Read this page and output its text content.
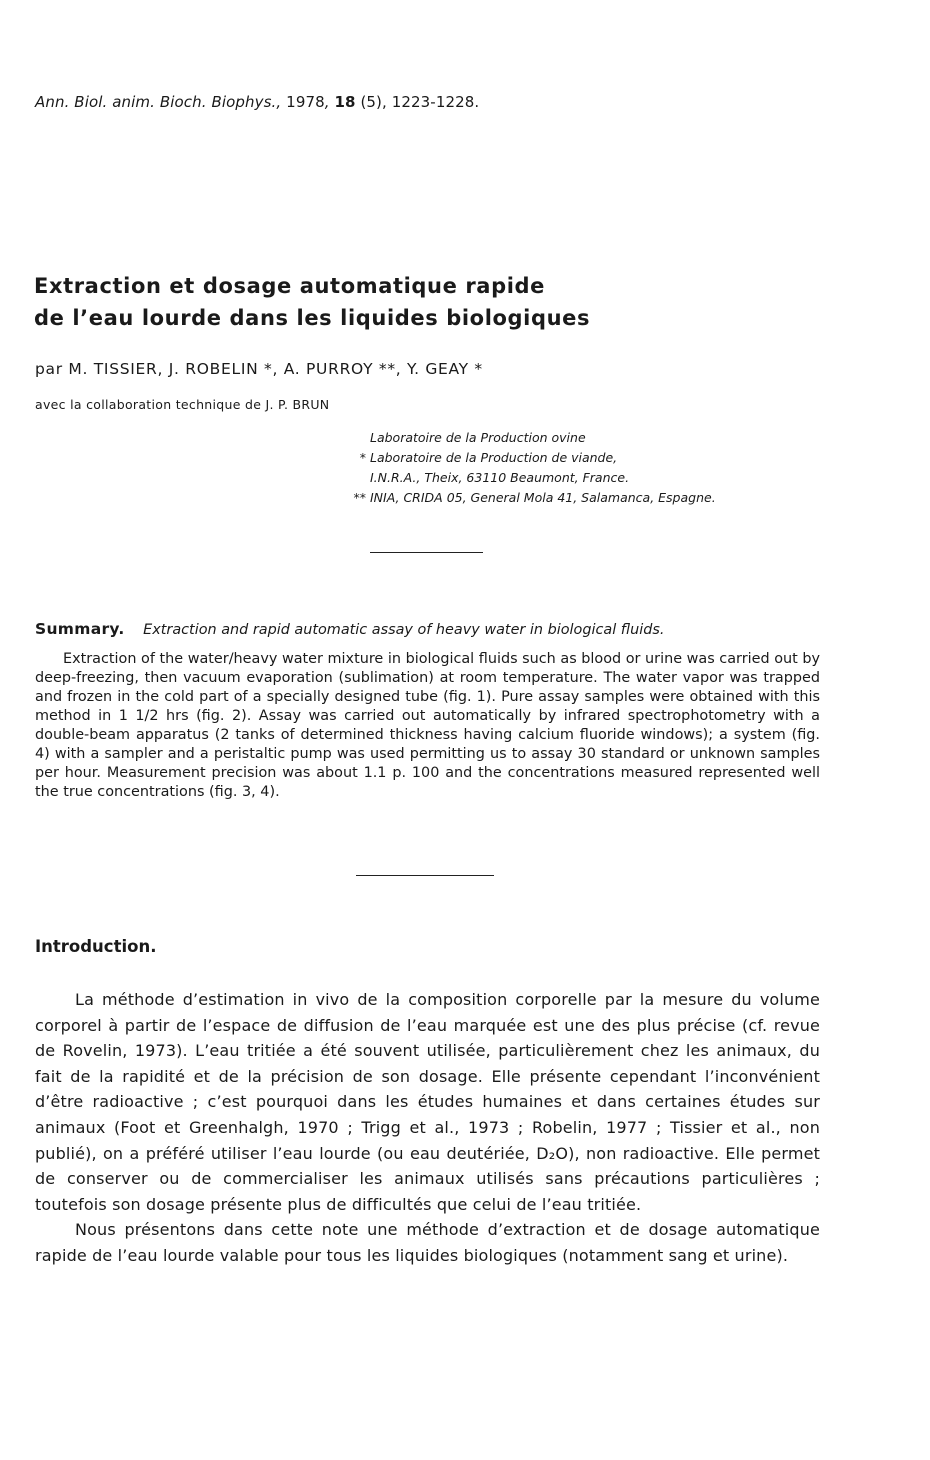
Ann. Biol. anim. Bioch. Biophys., 1978, 18 (5), 1223-1228.
Extraction et dosage automatique rapide
de l’eau lourde dans les liquides biologiques
par M. TISSIER, J. ROBELIN *, A. PURROY **, Y. GEAY *
avec la collaboration technique de J. P. BRUN
Laboratoire de la Production ovine
* Laboratoire de la Production de viande,
I.N.R.A., Theix, 63110 Beaumont, France.
** INIA, CRIDA 05, General Mola 41, Salamanca, Espagne.
Summary. Extraction and rapid automatic assay of heavy water in biological fluids.
Extraction of the water/heavy water mixture in biological fluids such as blood or urine was carried out by deep-freezing, then vacuum evaporation (sublimation) at room temperature. The water vapor was trapped and frozen in the cold part of a specially designed tube (fig. 1). Pure assay samples were obtained with this method in 1 1/2 hrs (fig. 2). Assay was carried out automatically by infrared spectrophotometry with a double-beam apparatus (2 tanks of determined thickness having calcium fluoride windows); a system (fig. 4) with a sampler and a peristaltic pump was used permitting us to assay 30 standard or unknown samples per hour. Measurement precision was about 1.1 p. 100 and the concentrations measured represented well the true concentrations (fig. 3, 4).
Introduction.

La méthode d’estimation in vivo de la composition corporelle par la mesure du volume corporel à partir de l’espace de diffusion de l’eau marquée est une des plus précise (cf. revue de Rovelin, 1973). L’eau tritiée a été souvent utilisée, particulièrement chez les animaux, du fait de la rapidité et de la précision de son dosage. Elle présente cependant l’inconvénient d’être radioactive ; c’est pourquoi dans les études humaines et dans certaines études sur animaux (Foot et Greenhalgh, 1970 ; Trigg et al., 1973 ; Robelin, 1977 ; Tissier et al., non publié), on a préféré utiliser l’eau lourde (ou eau deutériée, D₂O), non radioactive. Elle permet de conserver ou de commercialiser les animaux utilisés sans précautions particulières ; toutefois son dosage présente plus de difficultés que celui de l’eau tritiée.

Nous présentons dans cette note une méthode d’extraction et de dosage automatique rapide de l’eau lourde valable pour tous les liquides biologiques (notamment sang et urine).
